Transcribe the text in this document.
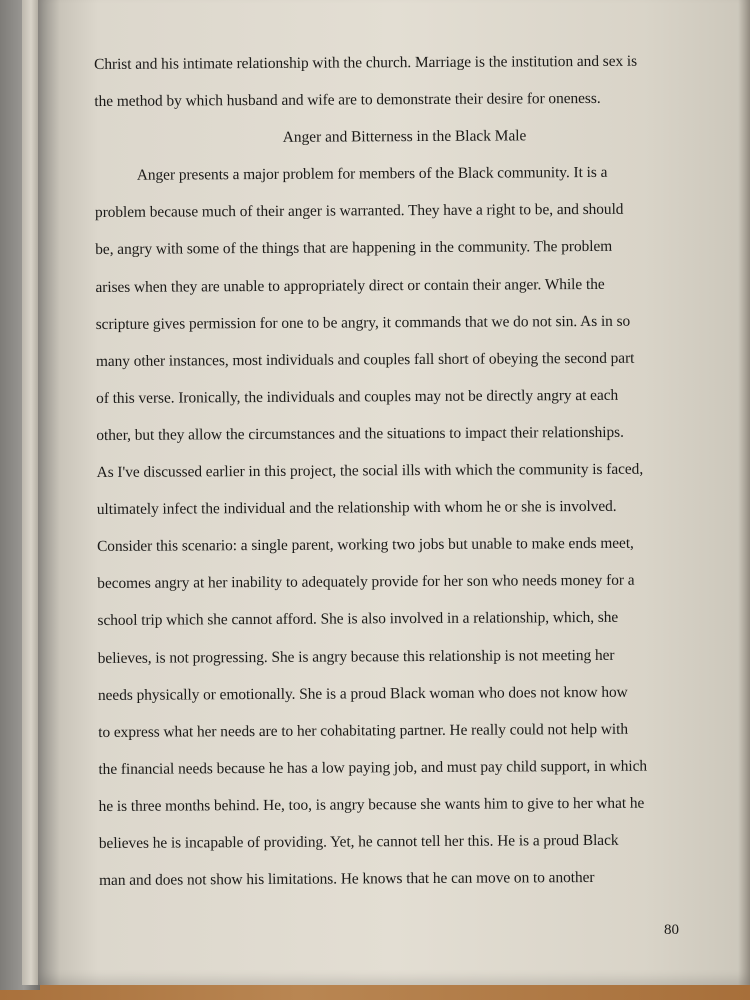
Christ and his intimate relationship with the church. Marriage is the institution and sex is
the method by which husband and wife are to demonstrate their desire for oneness.
Anger and Bitterness in the Black Male
Anger presents a major problem for members of the Black community. It is a
problem because much of their anger is warranted. They have a right to be, and should
be, angry with some of the things that are happening in the community. The problem
arises when they are unable to appropriately direct or contain their anger. While the
scripture gives permission for one to be angry, it commands that we do not sin. As in so
many other instances, most individuals and couples fall short of obeying the second part
of this verse. Ironically, the individuals and couples may not be directly angry at each
other, but they allow the circumstances and the situations to impact their relationships.
As I've discussed earlier in this project, the social ills with which the community is faced,
ultimately infect the individual and the relationship with whom he or she is involved.
Consider this scenario: a single parent, working two jobs but unable to make ends meet,
becomes angry at her inability to adequately provide for her son who needs money for a
school trip which she cannot afford. She is also involved in a relationship, which, she
believes, is not progressing. She is angry because this relationship is not meeting her
needs physically or emotionally. She is a proud Black woman who does not know how
to express what her needs are to her cohabitating partner. He really could not help with
the financial needs because he has a low paying job, and must pay child support, in which
he is three months behind. He, too, is angry because she wants him to give to her what he
believes he is incapable of providing. Yet, he cannot tell her this. He is a proud Black
man and does not show his limitations. He knows that he can move on to another
80
